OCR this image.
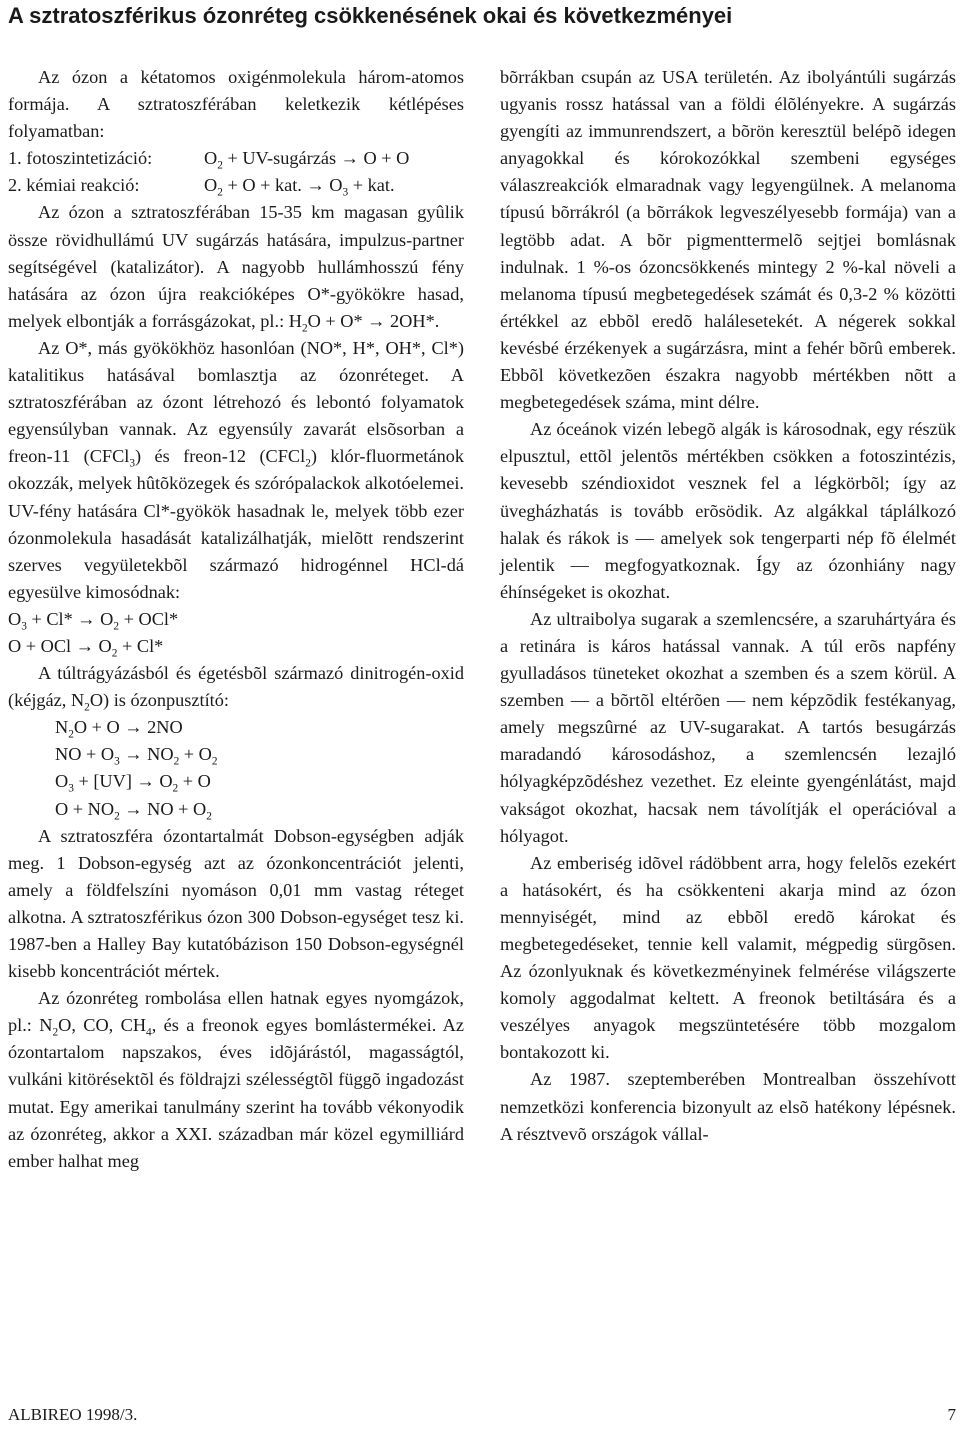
A sztratoszférikus ózonréteg csökkenésének okai és következményei

Az ózon a kétatomos oxigénmolekula három-atomos formája. A sztratoszférában keletkezik kétlépéses folyamatban:

1. fotoszintetizáció:	$O_2$ + UV-sugárzás → O + O

2. kémiai reakció:	$O_2 + O$ + kat. → $O_3$ + kat.

Az ózon a sztratoszférában 15-35 km magasan gyûlik össze rövidhullámú UV sugárzás hatására, impulzus-partner segítségével (katalizátor). A nagyobb hullámhosszú fény hatására az ózon újra reakcióképes O*-gyökökre hasad, melyek elbontják a forrásgázokat, pl.: $H_2O + O* \to 2OH*$.

Az O*, más gyökökhöz hasonlóan (NO*, H*, OH*, Cl*) katalitikus hatásával bomlasztja az ózonréteget. A sztratoszférában az ózont létrehozó és lebontó folyamatok egyensúlyban vannak. Az egyensúly zavarát elsõsorban a freon-11 (CFCl$_3$) és freon-12 (CFCl$_2$) klór-fluormetánok okozzák, melyek hûtõközegek és szórópalackok alkotóelemei. UV-fény hatására Cl*-gyökök hasadnak le, melyek több ezer ózonmolekula hasadását katalizálhatják, mielõtt rendszerint szerves vegyületekbõl származó hidrogénnel HCl-dá egyesülve kimosódnak:

$O_3 + Cl* \to O_2 + OCl*$

O + OCl → $O_2 + Cl*$

A túltrágyázásból és égetésbõl származó dinitrogén-oxid (kéjgáz, $N_2O$) is ózonpusztító:

$N_2O + O \to 2NO$

NO + $O_3 \to NO_2 + O_2$

$O_3 + [UV] \to O_2 + O$

$O + NO_2$ → NO + $O_2$

A sztratoszféra ózontartalmát Dobson-egységben adják meg. 1 Dobson-egység azt az ózonkoncentrációt jelenti, amely a földfelszíni nyomáson 0,01 mm vastag réteget alkotna. A sztratoszférikus ózon 300 Dobson-egységet tesz ki. 1987-ben a Halley Bay kutatóbázison 150 Dobson-egységnél kisebb koncentrációt mértek.

Az ózonréteg rombolása ellen hatnak egyes nyomgázok, pl.: $N_2O$, CO, $CH_4$, és a freonok egyes bomlástermékei. Az ózontartalom napszakos, éves idõjárástól, magasságtól, vulkáni kitörésektõl és földrajzi szélességtõl függõ ingadozást mutat. Egy amerikai tanulmány szerint ha tovább vékonyodik az ózonréteg, akkor a XXI. században már közel egymilliárd ember halhat meg

bõrrákban csupán az USA területén. Az ibolyántúli sugárzás ugyanis rossz hatással van a földi élõlényekre. A sugárzás gyengíti az immunrendszert, a bõrön keresztül belépõ idegen anyagokkal és kórokozókkal szembeni egységes válaszreakciók elmaradnak vagy legyengülnek. A melanoma típusú bõrrákról (a bõrrákok legveszélyesebb formája) van a legtöbb adat. A bõr pigmenttermelõ sejtjei bomlásnak indulnak. 1 %-os ózoncsökkenés mintegy 2 %-kal növeli a melanoma típusú megbetegedések számát és 0,3-2 % közötti értékkel az ebbõl eredõ halálesetekét. A négerek sokkal kevésbé érzékenyek a sugárzásra, mint a fehér bõrû emberek. Ebbõl következõen északra nagyobb mértékben nõtt a megbetegedések száma, mint délre.

Az óceánok vizén lebegõ algák is károsodnak, egy részük elpusztul, ettõl jelentõs mértékben csökken a fotoszintézis, kevesebb széndioxidot vesznek fel a légkörbõl; így az üvegházhatás is tovább erõsödik. Az algákkal táplálkozó halak és rákok is — amelyek sok tengerparti nép fõ élelmét jelentik — megfogyatkoznak. Így az ózonhiány nagy éhínségeket is okozhat.

Az ultraibolya sugarak a szemlencsére, a szaruhártyára és a retinára is káros hatással vannak. A túl erõs napfény gyulladásos tüneteket okozhat a szemben és a szem körül. A szemben — a bõrtõl eltérõen — nem képzõdik festékanyag, amely megszûrné az UV-sugarakat. A tartós besugárzás maradandó károsodáshoz, a szemlencsén lezajló hólyagképzõdéshez vezethet. Ez eleinte gyengénlátást, majd vakságot okozhat, hacsak nem távolítják el operációval a hólyagot.

Az emberiség idõvel rádöbbent arra, hogy felelõs ezekért a hatásokért, és ha csökkenteni akarja mind az ózon mennyiségét, mind az ebbõl eredõ károkat és megbetegedéseket, tennie kell valamit, mégpedig sürgõsen. Az ózonlyuknak és következményinek felmérése világszerte komoly aggodalmat keltett. A freonok betiltására és a veszélyes anyagok megszüntetésére több mozgalom bontakozott ki.

Az 1987. szeptemberében Montrealban összehívott nemzetközi konferencia bizonyult az elsõ hatékony lépésnek. A résztvevõ országok vállal-

ALBIREO 1998/3.	7
